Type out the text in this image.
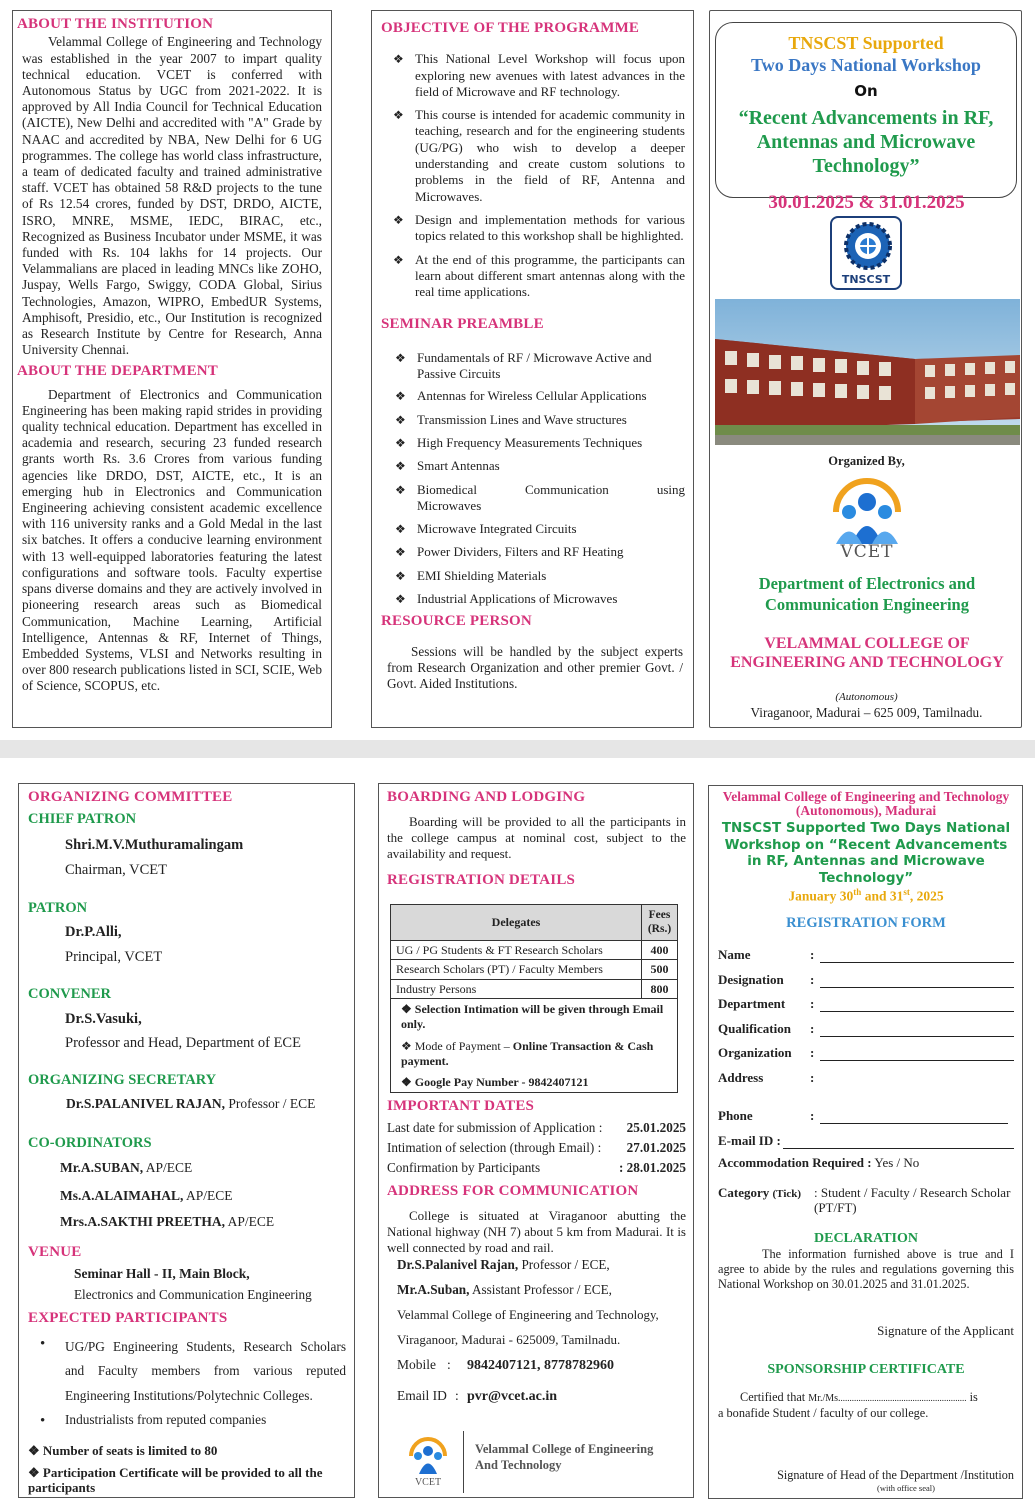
ABOUT THE INSTITUTION

Velammal College of Engineering and Technology was established in the year 2007 to impart quality technical education. VCET is conferred with Autonomous Status by UGC from 2021-2022. It is approved by All India Council for Technical Education (AICTE), New Delhi and accredited with "A" Grade by NAAC and accredited by NBA, New Delhi for 6 UG programmes. The college has world class infrastructure, a team of dedicated faculty and trained administrative staff. VCET has obtained 58 R&D projects to the tune of Rs 12.54 crores, funded by DST, DRDO, AICTE, ISRO, MNRE, MSME, IEDC, BIRAC, etc., Recognized as Business Incubator under MSME, it was funded with Rs. 104 lakhs for 14 projects. Our Velammalians are placed in leading MNCs like ZOHO, Juspay, Wells Fargo, Swiggy, CODA Global, Sirius Technologies, Amazon, WIPRO, EmbedUR Systems, Amphisoft, Presidio, etc., Our Institution is recognized as Research Institute by Centre for Research, Anna University Chennai.

ABOUT THE DEPARTMENT

Department of Electronics and Communication Engineering has been making rapid strides in providing quality technical education. Department has excelled in academia and research, securing 23 funded research grants worth Rs. 3.6 Crores from various funding agencies like DRDO, DST, AICTE, etc., It is an emerging hub in Electronics and Communication Engineering achieving consistent academic excellence with 116 university ranks and a Gold Medal in the last six batches. It offers a conducive learning environment with 13 well-equipped laboratories featuring the latest configurations and software tools. Faculty expertise spans diverse domains and they are actively involved in pioneering research areas such as Biomedical Communication, Machine Learning, Artificial Intelligence, Antennas & RF, Internet of Things, Embedded Systems, VLSI and Networks resulting in over 800 research publications listed in SCI, SCIE, Web of Science, SCOPUS, etc.

OBJECTIVE OF THE PROGRAMME
❖ This National Level Workshop will focus upon exploring new avenues with latest advances in the field of Microwave and RF technology.
❖ This course is intended for academic community in teaching, research and for the engineering students (UG/PG) who wish to develop a deeper understanding and create custom solutions to problems in the field of RF, Antenna and Microwaves.
❖ Design and implementation methods for various topics related to this workshop shall be highlighted.
❖ At the end of this programme, the participants can learn about different smart antennas along with the real time applications.
SEMINAR PREAMBLE
❖ Fundamentals of RF / Microwave Active and Passive Circuits
❖ Antennas for Wireless Cellular Applications
❖ Transmission Lines and Wave structures
❖ High Frequency Measurements Techniques
❖ Smart Antennas
❖ Biomedical Communication using Microwaves
❖ Microwave Integrated Circuits
❖ Power Dividers, Filters and RF Heating
❖ EMI Shielding Materials
❖ Industrial Applications of Microwaves
RESOURCE PERSON

Sessions will be handled by the subject experts from Research Organization and other premier Govt. / Govt. Aided Institutions.

TNSCST Supported
Two Days National Workshop
On
“Recent Advancements in RF, Antennas and Microwave Technology”
30.01.2025 & 31.01.2025
TNSCST
Organized By,
VCET
Department of Electronics and Communication Engineering
VELAMMAL COLLEGE OF ENGINEERING AND TECHNOLOGY
(Autonomous)
Viraganoor, Madurai – 625 009, Tamilnadu.
ORGANIZING COMMITTEE
CHIEF PATRON
Shri.M.V.Muthuramalingam
Chairman, VCET
PATRON
Dr.P.Alli,
Principal, VCET
CONVENER
Dr.S.Vasuki,
Professor and Head, Department of ECE
ORGANIZING SECRETARY
Dr.S.PALANIVEL RAJAN, Professor / ECE
CO-ORDINATORS
Mr.A.SUBAN, AP/ECE
Ms.A.ALAIMAHAL, AP/ECE
Mrs.A.SAKTHI PREETHA, AP/ECE
VENUE
Seminar Hall - II, Main Block,
Electronics and Communication Engineering
EXPECTED PARTICIPANTS
•	UG/PG Engineering Students, Research Scholars and Faculty members from various reputed Engineering Institutions/Polytechnic Colleges.
•	Industrialists from reputed companies
❖ Number of seats is limited to 80
❖ Participation Certificate will be provided to all the participants
BOARDING AND LODGING

Boarding will be provided to all the participants in the college campus at nominal cost, subject to the availability and request.

REGISTRATION DETAILS
Delegates	Fees (Rs.)
UG / PG Students & FT Research Scholars	400
Research Scholars (PT) / Faculty Members	500
Industry Persons	800

❖ Selection Intimation will be given through Email only.
❖ Mode of Payment – Online Transaction & Cash payment.
❖ Google Pay Number - 9842407121	
IMPORTANT DATES
Last date for submission of Application : 25.01.2025
Intimation of selection (through Email) : 27.01.2025
Confirmation by Participants	: 28.01.2025
ADDRESS FOR COMMUNICATION

College is situated at Viraganoor abutting the National highway (NH 7) about 5 km from Madurai. It is well connected by road and rail.

Dr.S.Palanivel Rajan, Professor / ECE,
Mr.A.Suban, Assistant Professor / ECE,
Velammal College of Engineering and Technology,
Viraganoor, Madurai - 625009, Tamilnadu.
Mobile :	9842407121, 8778782960
Email ID : pvr@vcet.ac.in
VCET
Velammal College of Engineering And Technology
Velammal College of Engineering and Technology (Autonomous), Madurai
TNSCST Supported Two Days National Workshop on “Recent Advancements in RF, Antennas and Microwave Technology”
January 30th and 31st, 2025
REGISTRATION FORM
Name	:
Designation	:
Department	:
Qualification	:
Organization	:
Address	:
Phone	:
E-mail ID :
Accommodation Required : Yes / No
Category (Tick) : Student / Faculty / Research Scholar (PT/FT)
DECLARATION

The information furnished above is true and I agree to abide by the rules and regulations governing this National Workshop on 30.01.2025 and 31.01.2025.

Signature of the Applicant
SPONSORSHIP CERTIFICATE
Certified that Mr./Ms......................................................... is
a bonafide Student / faculty of our college.
Signature of Head of the Department /Institution
(with office seal)
